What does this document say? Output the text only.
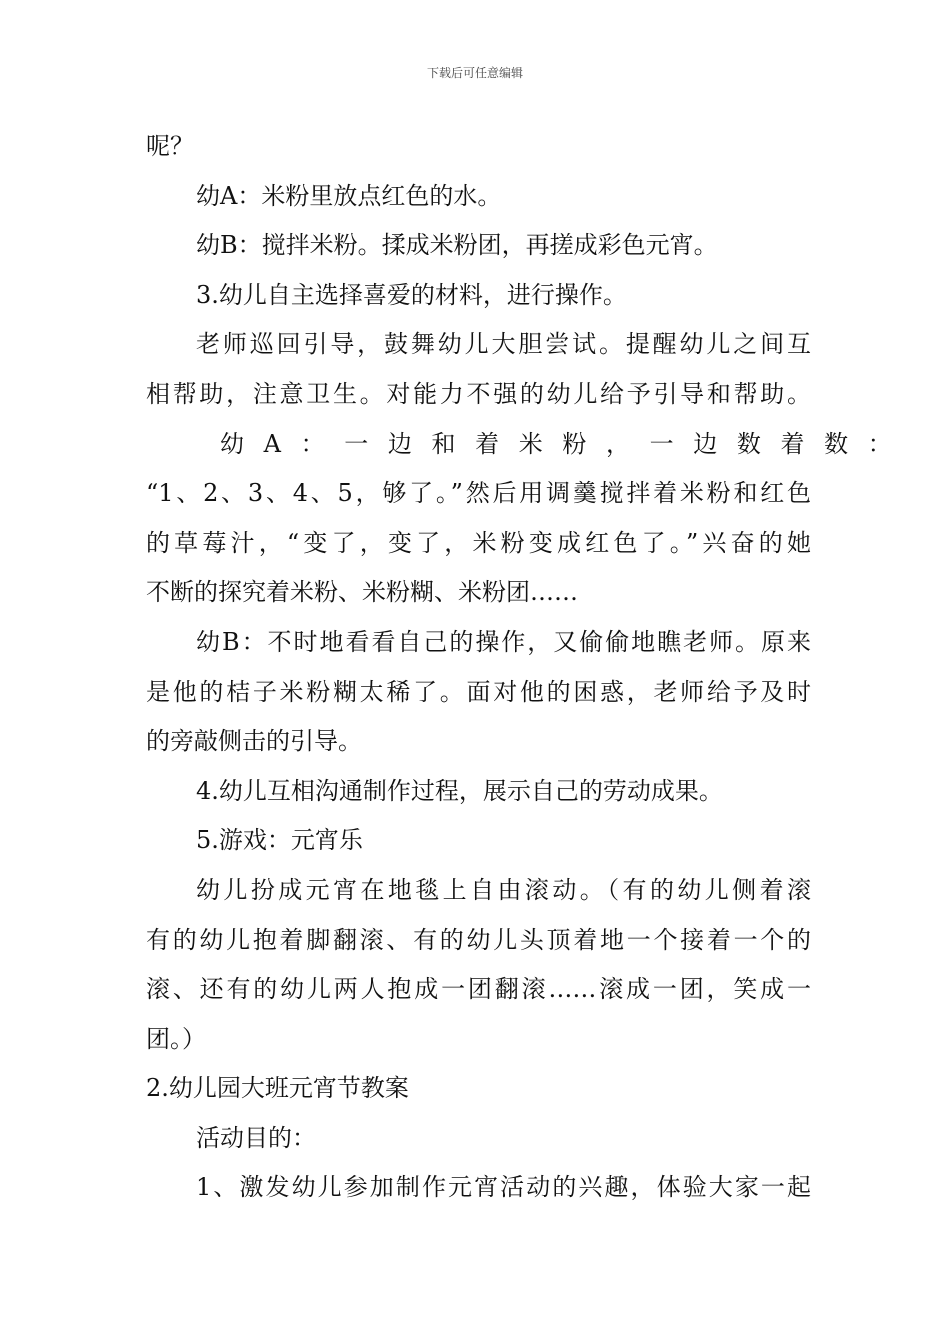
下载后可任意编辑

呢？

幼A：米粉里放点红色的水。

幼B：搅拌米粉。揉成米粉团，再搓成彩色元宵。

3.幼儿自主选择喜爱的材料，进行操作。

老师巡回引导，鼓舞幼儿大胆尝试。提醒幼儿之间互

相帮助，注意卫生。对能力不强的幼儿给予引导和帮助。

幼 A ： 一 边 和 着 米 粉 ， 一 边 数 着 数 ：

“1、2、3、4、5，够了。”然后用调羹搅拌着米粉和红色

的草莓汁，“变了，变了，米粉变成红色了。”兴奋的她

不断的探究着米粉、米粉糊、米粉团……

幼B：不时地看看自己的操作，又偷偷地瞧老师。原来

是他的桔子米粉糊太稀了。面对他的困惑，老师给予及时

的旁敲侧击的引导。

4.幼儿互相沟通制作过程，展示自己的劳动成果。

5.游戏：元宵乐

幼儿扮成元宵在地毯上自由滚动。（有的幼儿侧着滚

有的幼儿抱着脚翻滚、有的幼儿头顶着地一个接着一个的

滚、还有的幼儿两人抱成一团翻滚……滚成一团，笑成一

团。）

2.幼儿园大班元宵节教案

活动目的：

1、激发幼儿参加制作元宵活动的兴趣，体验大家一起
